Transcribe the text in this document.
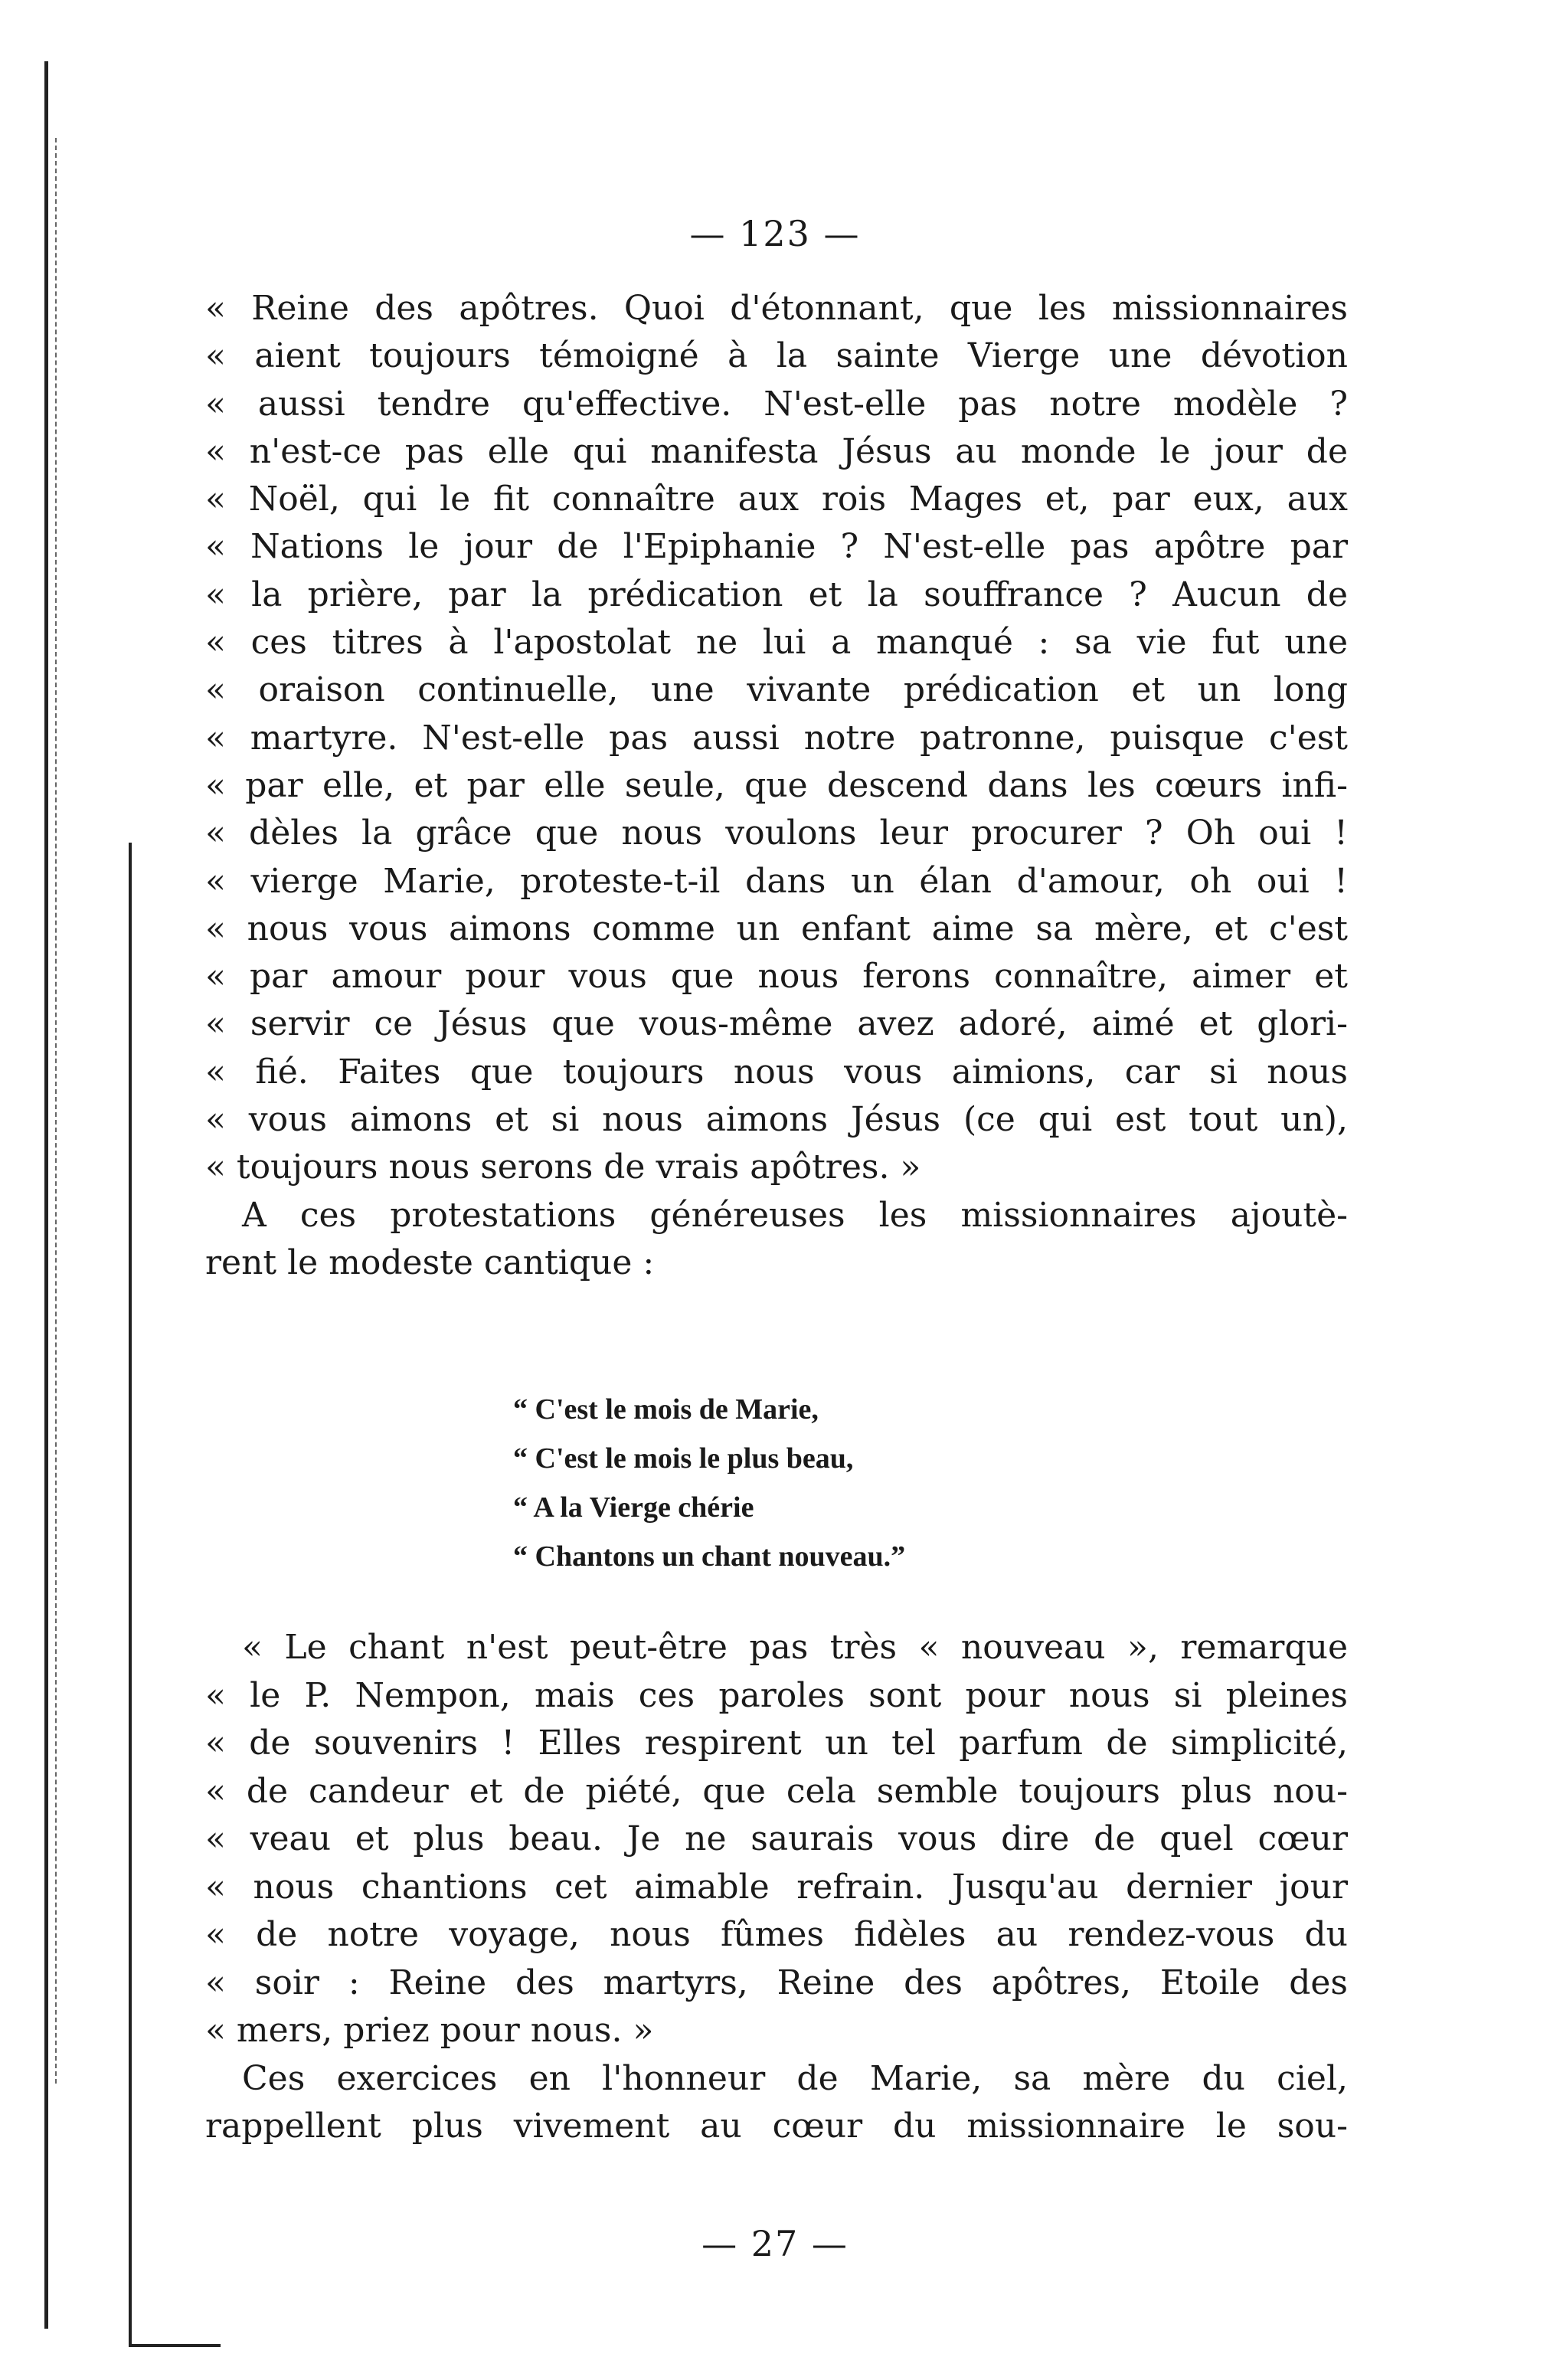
— 123 —
« Reine des apôtres. Quoi d'étonnant, que les missionnaires
« aient toujours témoigné à la sainte Vierge une dévotion
« aussi tendre qu'effective. N'est-elle pas notre modèle ?
« n'est-ce pas elle qui manifesta Jésus au monde le jour de
« Noël, qui le fit connaître aux rois Mages et, par eux, aux
« Nations le jour de l'Epiphanie ? N'est-elle pas apôtre par
« la prière, par la prédication et la souffrance ? Aucun de
« ces titres à l'apostolat ne lui a manqué : sa vie fut une
« oraison continuelle, une vivante prédication et un long
« martyre. N'est-elle pas aussi notre patronne, puisque c'est
« par elle, et par elle seule, que descend dans les cœurs infi-
« dèles la grâce que nous voulons leur procurer ? Oh oui !
« vierge Marie, proteste-t-il dans un élan d'amour, oh oui !
« nous vous aimons comme un enfant aime sa mère, et c'est
« par amour pour vous que nous ferons connaître, aimer et
« servir ce Jésus que vous-même avez adoré, aimé et glori-
« fié. Faites que toujours nous vous aimions, car si nous
« vous aimons et si nous aimons Jésus (ce qui est tout un),
« toujours nous serons de vrais apôtres. »
A ces protestations généreuses les missionnaires ajoutè-
rent le modeste cantique :
“ C'est le mois de Marie,
“ C'est le mois le plus beau,
“ A la Vierge chérie
“ Chantons un chant nouveau.”
« Le chant n'est peut-être pas très « nouveau », remarque
« le P. Nempon, mais ces paroles sont pour nous si pleines
« de souvenirs ! Elles respirent un tel parfum de simplicité,
« de candeur et de piété, que cela semble toujours plus nou-
« veau et plus beau. Je ne saurais vous dire de quel cœur
« nous chantions cet aimable refrain. Jusqu'au dernier jour
« de notre voyage, nous fûmes fidèles au rendez-vous du
« soir : Reine des martyrs, Reine des apôtres, Etoile des
« mers, priez pour nous. »
Ces exercices en l'honneur de Marie, sa mère du ciel,
rappellent plus vivement au cœur du missionnaire le sou-
— 27 —
